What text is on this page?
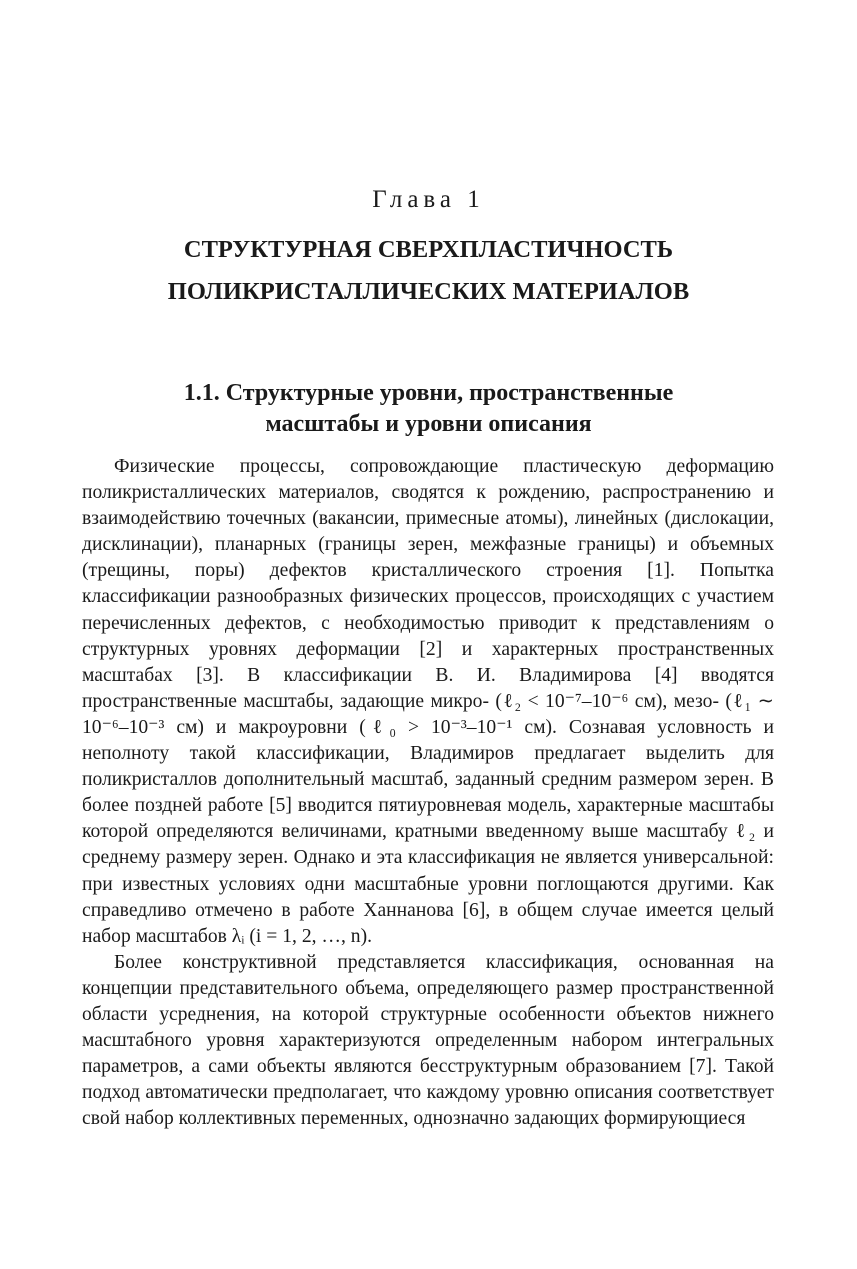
Глава 1
СТРУКТУРНАЯ СВЕРХПЛАСТИЧНОСТЬ
ПОЛИКРИСТАЛЛИЧЕСКИХ МАТЕРИАЛОВ
1.1. Структурные уровни, пространственные
масштабы и уровни описания

Физические процессы, сопровождающие пластическую деформацию поликристаллических материалов, сводятся к рождению, распространению и взаимодействию точечных (вакансии, примесные атомы), линейных (дислокации, дисклинации), планарных (границы зерен, межфазные границы) и объемных (трещины, поры) дефектов кристаллического строения [1]. Попытка классификации разнообразных физических процессов, происходящих с участием перечисленных дефектов, с необходимостью приводит к представлениям о структурных уровнях деформации [2] и характерных пространственных масштабах [3]. В классификации В. И. Владимирова [4] вводятся пространственные масштабы, задающие микро- (ℓ₂ < 10⁻⁷–10⁻⁶ см), мезо- (ℓ₁ ∼ 10⁻⁶–10⁻³ см) и макроуровни (ℓ₀ > 10⁻³–10⁻¹ см). Сознавая условность и неполноту такой классификации, Владимиров предлагает выделить для поликристаллов дополнительный масштаб, заданный средним размером зерен. В более поздней работе [5] вводится пятиуровневая модель, характерные масштабы которой определяются величинами, кратными введенному выше масштабу ℓ₂ и среднему размеру зерен. Однако и эта классификация не является универсальной: при известных условиях одни масштабные уровни поглощаются другими. Как справедливо отмечено в работе Ханнанова [6], в общем случае имеется целый набор масштабов λᵢ (i = 1, 2, …, n).

Более конструктивной представляется классификация, основанная на концепции представительного объема, определяющего размер пространственной области усреднения, на которой структурные особенности объектов нижнего масштабного уровня характеризуются определенным набором интегральных параметров, а сами объекты являются бесструктурным образованием [7]. Такой подход автоматически предполагает, что каждому уровню описания соответствует свой набор коллективных переменных, однозначно задающих формирующиеся
